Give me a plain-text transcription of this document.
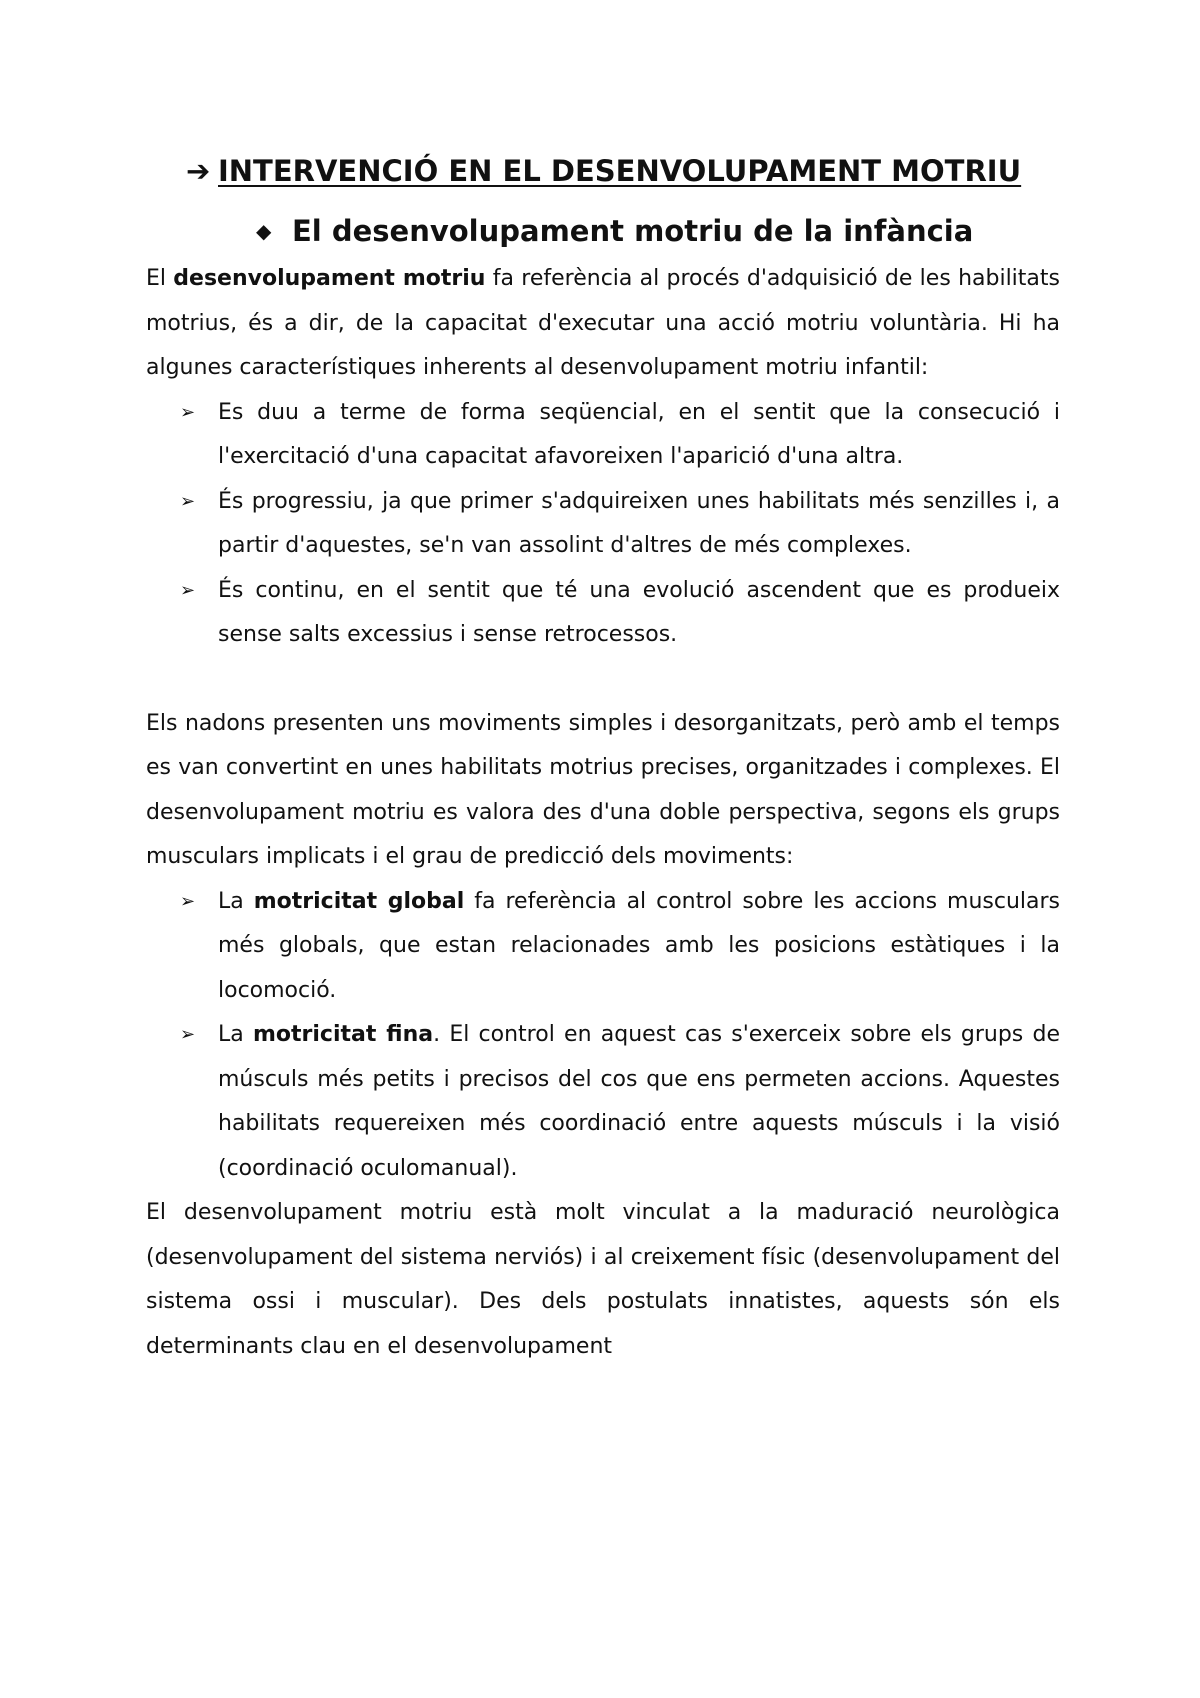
➔ INTERVENCIÓ EN EL DESENVOLUPAMENT MOTRIU
◆ El desenvolupament motriu de la infància

El desenvolupament motriu fa referència al procés d'adquisició de les habilitats motrius, és a dir, de la capacitat d'executar una acció motriu voluntària. Hi ha algunes característiques inherents al desenvolupament motriu infantil:

➢ Es duu a terme de forma seqüencial, en el sentit que la consecució i l'exercitació d'una capacitat afavoreixen l'aparició d'una altra.
➢ És progressiu, ja que primer s'adquireixen unes habilitats més senzilles i, a partir d'aquestes, se'n van assolint d'altres de més complexes.
➢ És continu, en el sentit que té una evolució ascendent que es produeix sense salts excessius i sense retrocessos.

Els nadons presenten uns moviments simples i desorganitzats, però amb el temps es van convertint en unes habilitats motrius precises, organitzades i complexes. El desenvolupament motriu es valora des d'una doble perspectiva, segons els grups musculars implicats i el grau de predicció dels moviments:

➢ La motricitat global fa referència al control sobre les accions musculars més globals, que estan relacionades amb les posicions estàtiques i la locomoció.
➢ La motricitat fina. El control en aquest cas s'exerceix sobre els grups de músculs més petits i precisos del cos que ens permeten accions. Aquestes habilitats requereixen més coordinació entre aquests músculs i la visió (coordinació oculomanual).

El desenvolupament motriu està molt vinculat a la maduració neurològica (desenvolupament del sistema nerviós) i al creixement físic (desenvolupament del sistema ossi i muscular). Des dels postulats innatistes, aquests són els determinants clau en el desenvolupament
